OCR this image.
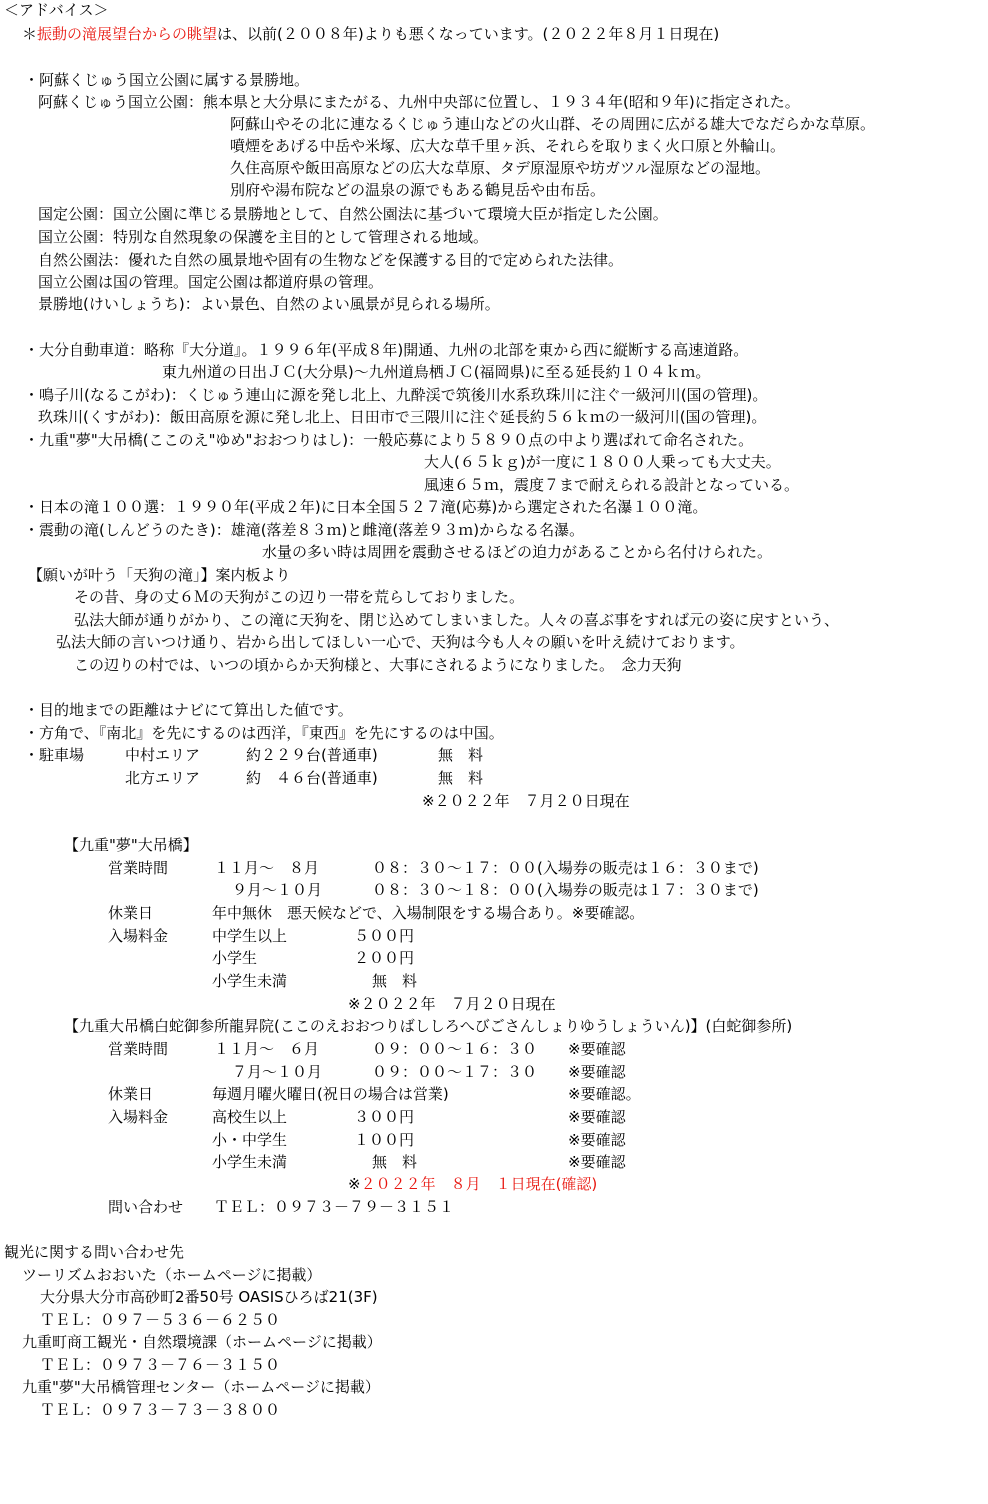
＜アドバイス＞
＊振動の滝展望台からの眺望は、以前(２００８年)よりも悪くなっています。(２０２２年８月１日現在)
・阿蘇くじゅう国立公園に属する景勝地。
阿蘇くじゅう国立公園：熊本県と大分県にまたがる、九州中央部に位置し、１９３４年(昭和９年)に指定された。
阿蘇山やその北に連なるくじゅう連山などの火山群、その周囲に広がる雄大でなだらかな草原。
噴煙をあげる中岳や米塚、広大な草千里ヶ浜、それらを取りまく火口原と外輪山。
久住高原や飯田高原などの広大な草原、タデ原湿原や坊ガツル湿原などの湿地。
別府や湯布院などの温泉の源でもある鶴見岳や由布岳。
国定公園：国立公園に準じる景勝地として、自然公園法に基づいて環境大臣が指定した公園。
国立公園：特別な自然現象の保護を主目的として管理される地域。
自然公園法：優れた自然の風景地や固有の生物などを保護する目的で定められた法律。
国立公園は国の管理。国定公園は都道府県の管理。
景勝地(けいしょうち)：よい景色、自然のよい風景が見られる場所。
・大分自動車道：略称『大分道』。１９９６年(平成８年)開通、九州の北部を東から西に縦断する高速道路。
東九州道の日出ＪＣ(大分県)～九州道鳥栖ＪＣ(福岡県)に至る延長約１０４ｋｍ。
・鳴子川(なるこがわ)：くじゅう連山に源を発し北上、九酔渓で筑後川水系玖珠川に注ぐ一級河川(国の管理)。
玖珠川(くすがわ)：飯田高原を源に発し北上、日田市で三隈川に注ぐ延長約５６ｋｍの一級河川(国の管理)。
・九重"夢"大吊橋(ここのえ"ゆめ"おおつりはし)：一般応募により５８９０点の中より選ばれて命名された。
大人(６５ｋｇ)が一度に１８００人乗っても大丈夫。
風速６５ｍ，震度７まで耐えられる設計となっている。
・日本の滝１００選：１９９０年(平成２年)に日本全国５２７滝(応募)から選定された名瀑１００滝。
・震動の滝(しんどうのたき)：雄滝(落差８３ｍ)と雌滝(落差９３ｍ)からなる名瀑。
水量の多い時は周囲を震動させるほどの迫力があることから名付けられた。
【願いが叶う「天狗の滝」】案内板より
その昔、身の丈６Ｍの天狗がこの辺り一帯を荒らしておりました。
弘法大師が通りがかり、この滝に天狗を、閉じ込めてしまいました。人々の喜ぶ事をすれば元の姿に戻すという、
弘法大師の言いつけ通り、岩から出してほしい一心で、天狗は今も人々の願いを叶え続けております。
この辺りの村では、いつの頃からか天狗様と、大事にされるようになりました。　念力天狗
・目的地までの距離はナビにて算出した値です。
・方角で、『南北』を先にするのは西洋，『東西』を先にするのは中国。
・駐車場	中村エリア	約２２９台(普通車)	無　料
北方エリア	約　４６台(普通車)	無　料
※２０２２年　７月２０日現在
【九重"夢"大吊橋】
営業時間	１１月～　８月	０８：３０～１７：００(入場券の販売は１６：３０まで)
９月～１０月	０８：３０～１８：００(入場券の販売は１７：３０まで)
休業日	年中無休　悪天候などで、入場制限をする場合あり。※要確認。
入場料金	中学生以上	５００円
小学生	２００円
小学生未満	無　料
※２０２２年　７月２０日現在
【九重大吊橋白蛇御参所龍昇院(ここのえおおつりばししろへびごさんしょりゆうしょういん)】(白蛇御参所)
営業時間	１１月～　６月	０９：００～１６：３０ ※要確認
７月～１０月	０９：００～１７：３０ ※要確認
休業日	毎週月曜火曜日(祝日の場合は営業)	※要確認。
入場料金	高校生以上	３００円	※要確認
小・中学生	１００円	※要確認
小学生未満	無　料	※要確認
※２０２２年　８月　１日現在(確認)
問い合わせ ＴＥＬ：０９７３－７９－３１５１
観光に関する問い合わせ先
ツーリズムおおいた（ホームページに掲載）
大分県大分市高砂町2番50号 OASISひろば21(3F)
ＴＥＬ：０９７－５３６－６２５０
九重町商工観光・自然環境課（ホームページに掲載）
ＴＥＬ：０９７３－７６－３１５０
九重"夢"大吊橋管理センター（ホームページに掲載）
ＴＥＬ：０９７３－７３－３８００
